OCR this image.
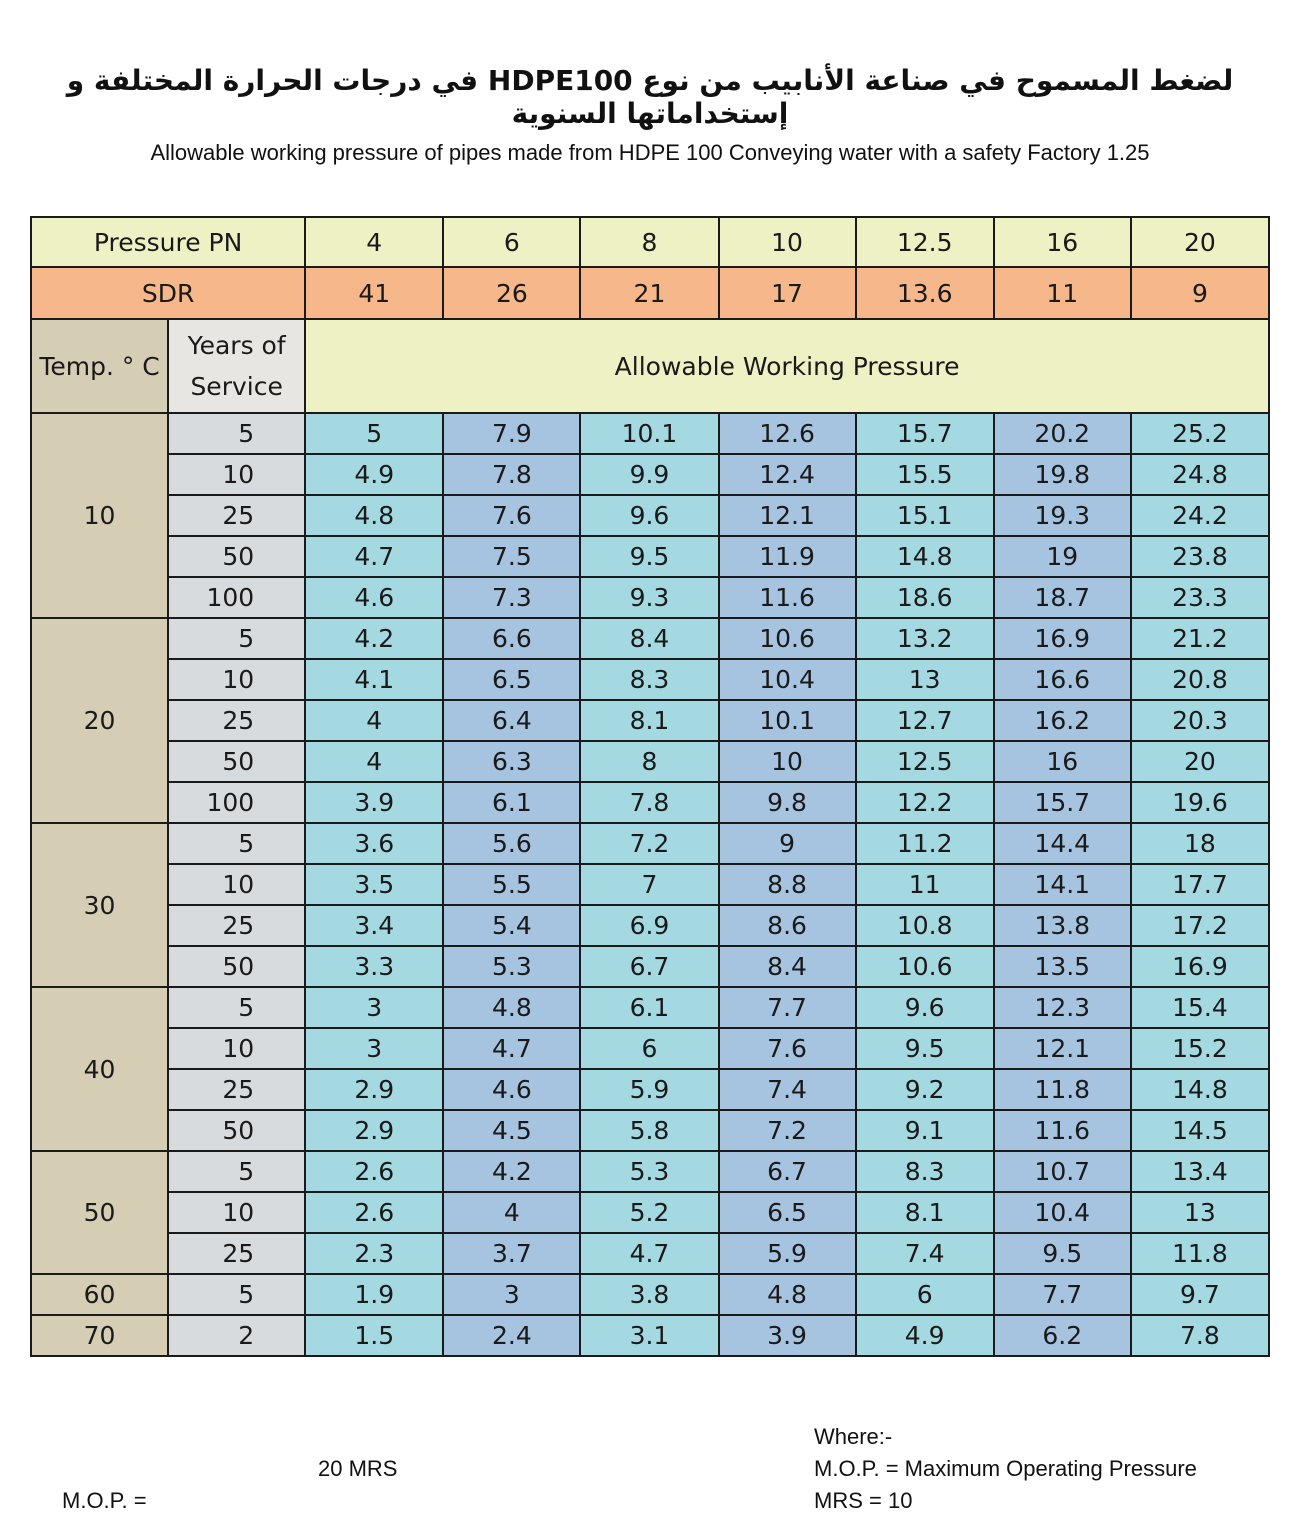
لضغط المسموح في صناعة الأنابيب من نوع HDPE100 في درجات الحرارة المختلفة و إستخداماتها السنوية
Allowable working pressure of pipes made from HDPE 100 Conveying water with a safety Factory 1.25
Pressure PN		4	6	8	10	12.5	16	20
SDR		41	26	21	17	13.6	11	9
Temp. ° C	Years of Service	Allowable Working Pressure						
10	5	5	7.9	10.1	12.6	15.7	20.2	25.2
	10	4.9	7.8	9.9	12.4	15.5	19.8	24.8
	25	4.8	7.6	9.6	12.1	15.1	19.3	24.2
	50	4.7	7.5	9.5	11.9	14.8	19	23.8
	100	4.6	7.3	9.3	11.6	18.6	18.7	23.3
20	5	4.2	6.6	8.4	10.6	13.2	16.9	21.2
	10	4.1	6.5	8.3	10.4	13	16.6	20.8
	25	4	6.4	8.1	10.1	12.7	16.2	20.3
	50	4	6.3	8	10	12.5	16	20
	100	3.9	6.1	7.8	9.8	12.2	15.7	19.6
30	5	3.6	5.6	7.2	9	11.2	14.4	18
	10	3.5	5.5	7	8.8	11	14.1	17.7
	25	3.4	5.4	6.9	8.6	10.8	13.8	17.2
	50	3.3	5.3	6.7	8.4	10.6	13.5	16.9
40	5	3	4.8	6.1	7.7	9.6	12.3	15.4
	10	3	4.7	6	7.6	9.5	12.1	15.2
	25	2.9	4.6	5.9	7.4	9.2	11.8	14.8
	50	2.9	4.5	5.8	7.2	9.1	11.6	14.5
50	5	2.6	4.2	5.3	6.7	8.3	10.7	13.4
	10	2.6	4	5.2	6.5	8.1	10.4	13
	25	2.3	3.7	4.7	5.9	7.4	9.5	11.8
60	5	1.9	3	3.8	4.8	6	7.7	9.7
70	2	1.5	2.4	3.1	3.9	4.9	6.2	7.8
20 MRS
Where:-
M.O.P. = Maximum Operating Pressure
MRS = 10
M.O.P. =
